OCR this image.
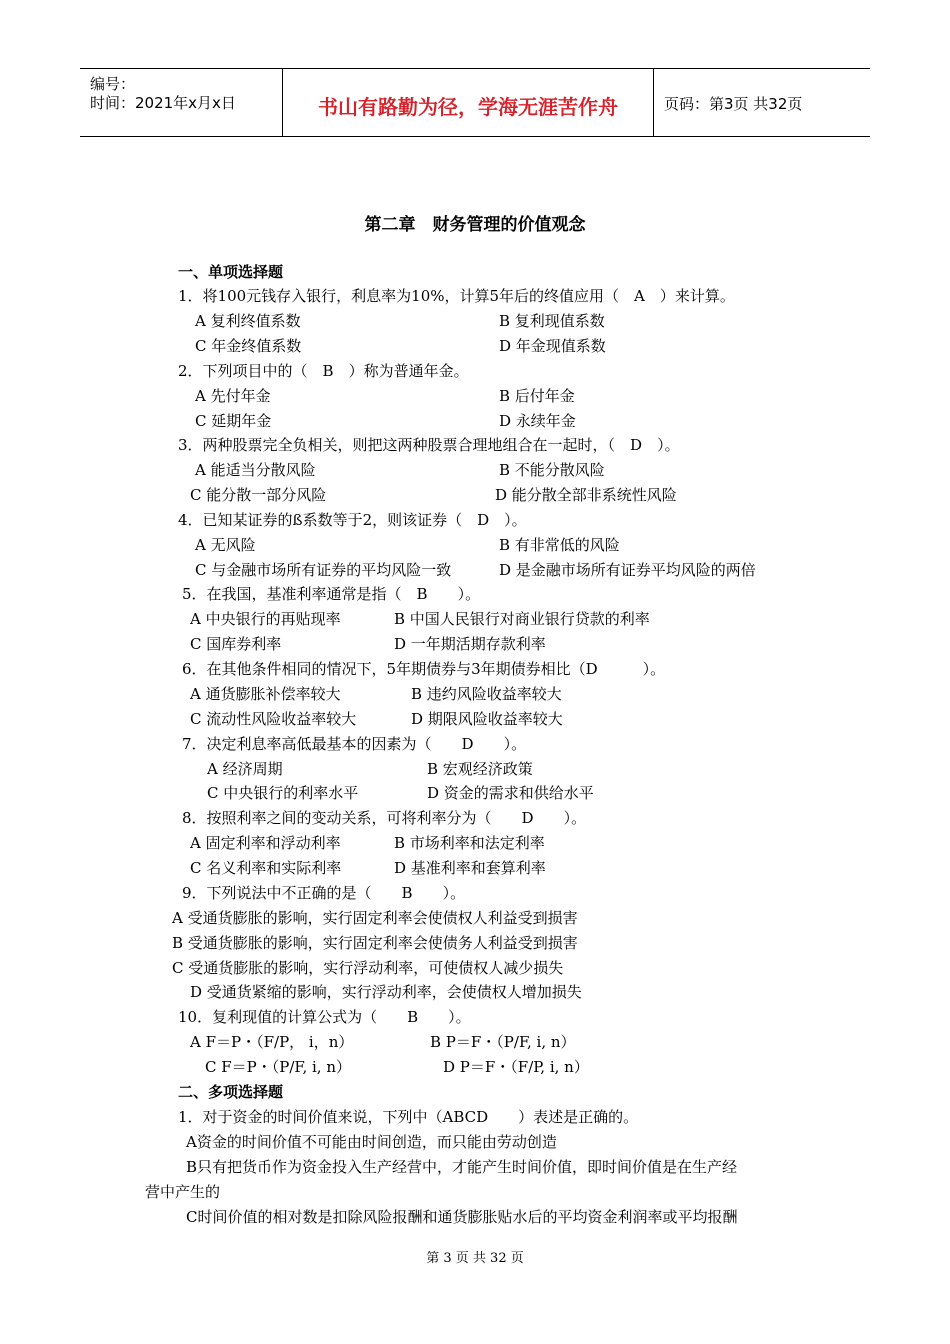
编号：
时间：2021年x月x日	书山有路勤为径，学海无涯苦作舟	页码：第3页 共32页
第二章　财务管理的价值观念
一、单项选择题
1．将100元钱存入银行，利息率为10%，计算5年后的终值应用（　A　）来计算。
A 复利终值系数	B 复利现值系数
C 年金终值系数	D 年金现值系数
2．下列项目中的（　B　）称为普通年金。
A 先付年金	B 后付年金
C 延期年金	D 永续年金
3．两种股票完全负相关，则把这两种股票合理地组合在一起时，（　D　）。
A 能适当分散风险	B 不能分散风险
C 能分散一部分风险	D 能分散全部非系统性风险
4．已知某证券的ß系数等于2，则该证券（　D　）。
A 无风险	B 有非常低的风险
C 与金融市场所有证券的平均风险一致	D 是金融市场所有证券平均风险的两倍
5．在我国，基准利率通常是指（　B　　）。
A 中央银行的再贴现率	B 中国人民银行对商业银行贷款的利率
C 国库券利率	D 一年期活期存款利率
6．在其他条件相同的情况下，5年期债券与3年期债券相比（D　　　）。
A 通货膨胀补偿率较大	B 违约风险收益率较大
C 流动性风险收益率较大	D 期限风险收益率较大
7．决定利息率高低最基本的因素为（　　D　　）。
A 经济周期	B 宏观经济政策
C 中央银行的利率水平	D 资金的需求和供给水平
8．按照利率之间的变动关系，可将利率分为（　　D　　）。
A 固定利率和浮动利率	B 市场利率和法定利率
C 名义利率和实际利率	D 基准利率和套算利率
9．下列说法中不正确的是（　　B　　）。
A 受通货膨胀的影响，实行固定利率会使债权人利益受到损害
B 受通货膨胀的影响，实行固定利率会使债务人利益受到损害
C 受通货膨胀的影响，实行浮动利率，可使债权人减少损失
D 受通货紧缩的影响，实行浮动利率，会使债权人增加损失
10．复利现值的计算公式为（　　B　　）。
A F＝P・（F/P， i，n）	B P＝F・（P/F, i, n）
C F＝P・（P/F, i, n）	D P＝F・（F/P, i, n）
二、多项选择题
1．对于资金的时间价值来说，下列中（ABCD　　）表述是正确的。
A资金的时间价值不可能由时间创造，而只能由劳动创造
B只有把货币作为资金投入生产经营中，才能产生时间价值，即时间价值是在生产经
营中产生的
C时间价值的相对数是扣除风险报酬和通货膨胀贴水后的平均资金利润率或平均报酬
第 3 页 共 32 页
